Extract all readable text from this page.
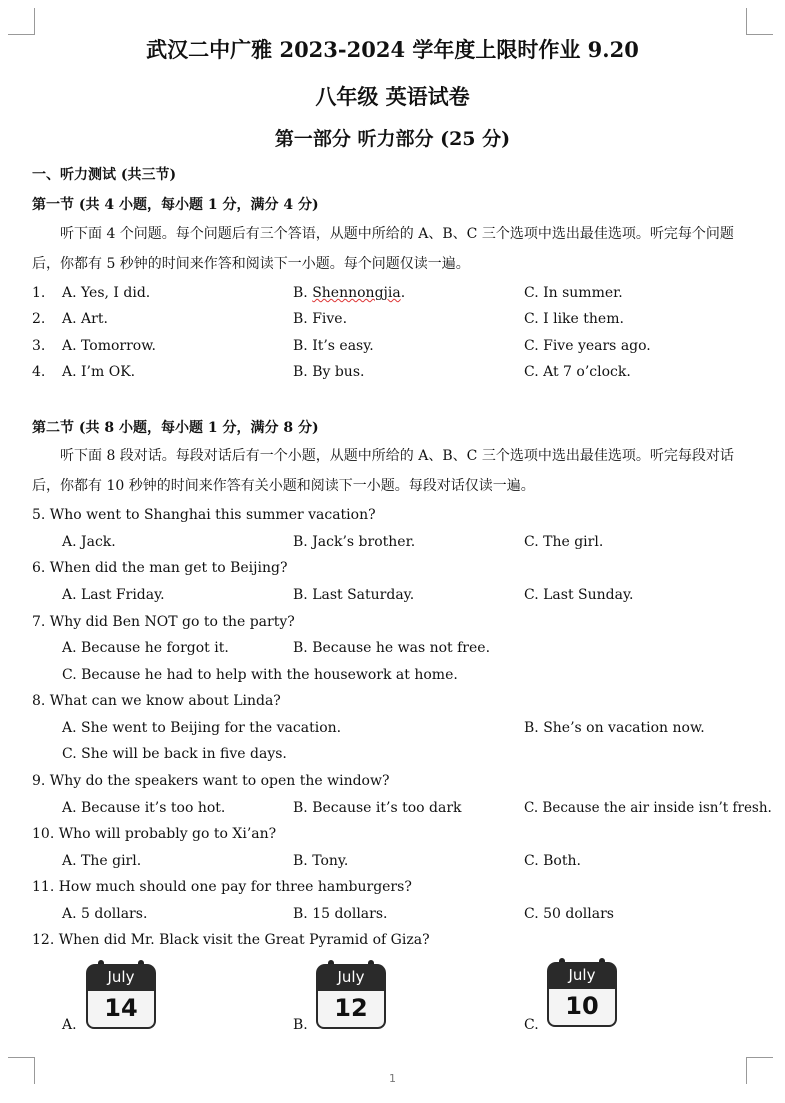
武汉二中广雅 2023-2024 学年度上限时作业 9.20
八年级 英语试卷
第一部分 听力部分 (25 分)
一、听力测试 (共三节)
第一节 (共 4 小题，每小题 1 分，满分 4 分)
听下面 4 个问题。每个问题后有三个答语，从题中所给的 A、B、C 三个选项中选出最佳选项。听完每个问题后，你都有 5 秒钟的时间来作答和阅读下一小题。每个问题仅读一遍。
1. A. Yes, I did.	B. Shennongjia.	C. In summer.
2. A. Art.	B. Five.	C. I like them.
3. A. Tomorrow.	B. It’s easy.	C. Five years ago.
4. A. I’m OK.	B. By bus.	C. At 7 o’clock.
第二节 (共 8 小题，每小题 1 分，满分 8 分)
听下面 8 段对话。每段对话后有一个小题，从题中所给的 A、B、C 三个选项中选出最佳选项。听完每段对话后，你都有 10 秒钟的时间来作答有关小题和阅读下一小题。每段对话仅读一遍。
5. Who went to Shanghai this summer vacation?
A. Jack.	B. Jack’s brother.	C. The girl.
6. When did the man get to Beijing?
A. Last Friday.	B. Last Saturday.	C. Last Sunday.
7. Why did Ben NOT go to the party?
A. Because he forgot it.	B. Because he was not free.
C. Because he had to help with the housework at home.
8. What can we know about Linda?
A. She went to Beijing for the vacation.	B. She’s on vacation now.
C. She will be back in five days.
9. Why do the speakers want to open the window?
A. Because it’s too hot.	B. Because it’s too dark	C. Because the air inside isn’t fresh.
10. Who will probably go to Xi’an?
A. The girl.	B. Tony.	C. Both.
11. How much should one pay for three hamburgers?
A. 5 dollars.	B. 15 dollars.	C. 50 dollars
12. When did Mr. Black visit the Great Pyramid of Giza?
A.
July
14
B.
July
12
C.
July
10
1
